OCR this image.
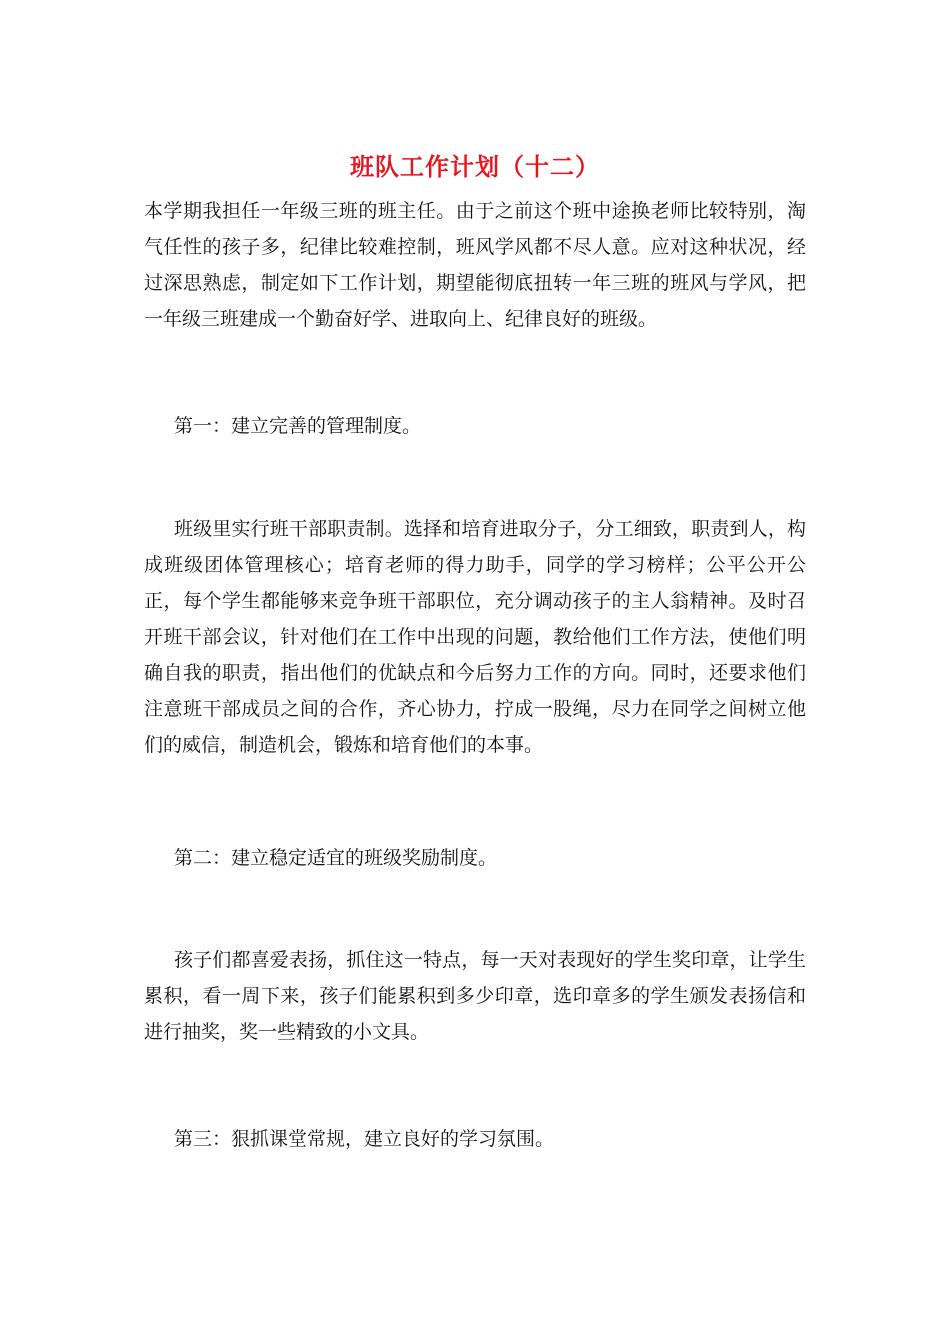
班队工作计划（十二）

本学期我担任一年级三班的班主任。由于之前这个班中途换老师比较特别，淘气任性的孩子多，纪律比较难控制，班风学风都不尽人意。应对这种状况，经过深思熟虑，制定如下工作计划，期望能彻底扭转一年三班的班风与学风，把一年级三班建成一个勤奋好学、进取向上、纪律良好的班级。

第一：建立完善的管理制度。

班级里实行班干部职责制。选择和培育进取分子，分工细致，职责到人，构成班级团体管理核心；培育老师的得力助手，同学的学习榜样；公平公开公正，每个学生都能够来竞争班干部职位，充分调动孩子的主人翁精神。及时召开班干部会议，针对他们在工作中出现的问题，教给他们工作方法，使他们明确自我的职责，指出他们的优缺点和今后努力工作的方向。同时，还要求他们注意班干部成员之间的合作，齐心协力，拧成一股绳，尽力在同学之间树立他们的威信，制造机会，锻炼和培育他们的本事。

第二：建立稳定适宜的班级奖励制度。

孩子们都喜爱表扬，抓住这一特点，每一天对表现好的学生奖印章，让学生累积，看一周下来，孩子们能累积到多少印章，选印章多的学生颁发表扬信和进行抽奖，奖一些精致的小文具。

第三：狠抓课堂常规，建立良好的学习氛围。
